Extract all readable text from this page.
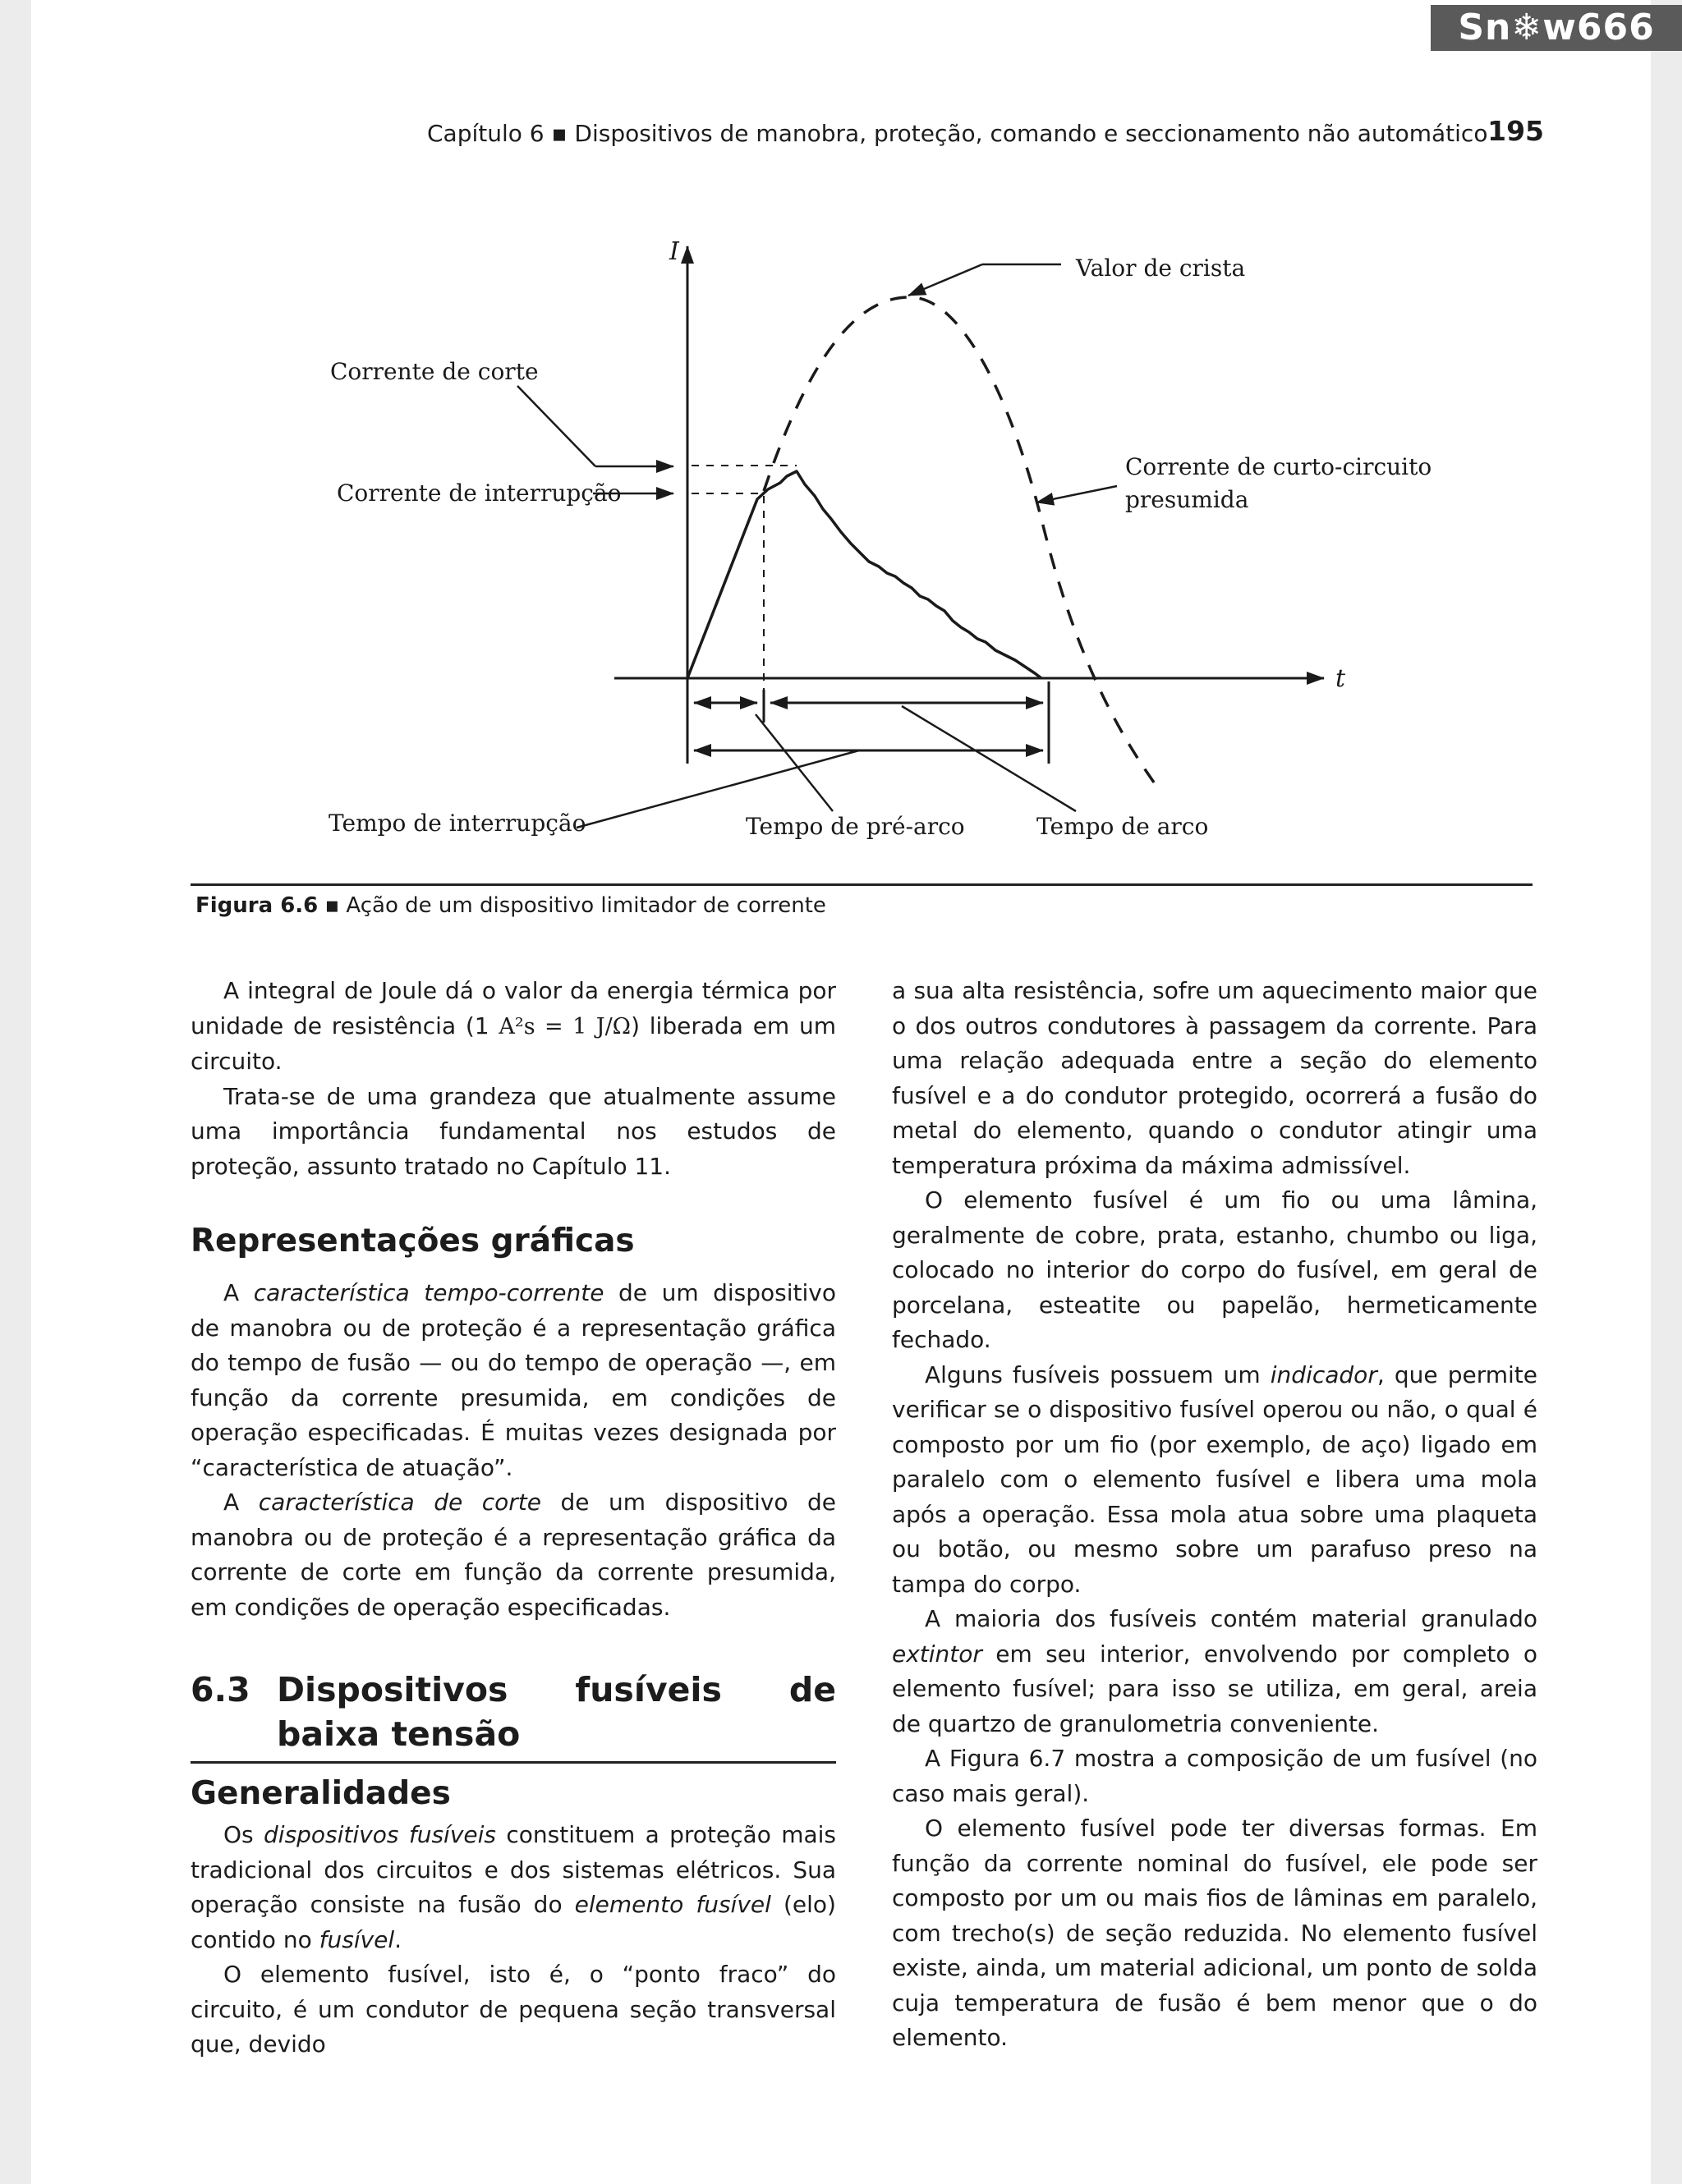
Sn❄w666
Capítulo 6 ▪ Dispositivos de manobra, proteção, comando e seccionamento não automático 195
I
t
Valor de crista
Corrente de corte
Corrente de interrupção
Corrente de curto-circuito
presumida
Tempo de interrupção	Tempo de pré-arco	Tempo de arco
Figura 6.6 ▪ Ação de um dispositivo limitador de corrente

A integral de Joule dá o valor da energia térmica por unidade de resistência (1 A²s = 1 J/Ω) liberada em um circuito.

Trata-se de uma grandeza que atualmente assume uma importância fundamental nos estudos de proteção, assunto tratado no Capítulo 11.

Representações gráficas

A característica tempo-corrente de um dispositivo de manobra ou de proteção é a representação gráfica do tempo de fusão — ou do tempo de operação —, em função da corrente presumida, em condições de operação especificadas. É muitas vezes designada por “característica de atuação”.

A característica de corte de um dispositivo de manobra ou de proteção é a representação gráfica da corrente de corte em função da corrente presumida, em condições de operação especificadas.

6.3 Dispositivos fusíveis de baixa tensão
Generalidades

Os dispositivos fusíveis constituem a proteção mais tradicional dos circuitos e dos sistemas elétricos. Sua operação consiste na fusão do elemento fusível (elo) contido no fusível.

O elemento fusível, isto é, o “ponto fraco” do circuito, é um condutor de pequena seção transversal que, devido

a sua alta resistência, sofre um aquecimento maior que o dos outros condutores à passagem da corrente. Para uma relação adequada entre a seção do elemento fusível e a do condutor protegido, ocorrerá a fusão do metal do elemento, quando o condutor atingir uma temperatura próxima da máxima admissível.

O elemento fusível é um fio ou uma lâmina, geralmente de cobre, prata, estanho, chumbo ou liga, colocado no interior do corpo do fusível, em geral de porcelana, esteatite ou papelão, hermeticamente fechado.

Alguns fusíveis possuem um indicador, que permite verificar se o dispositivo fusível operou ou não, o qual é composto por um fio (por exemplo, de aço) ligado em paralelo com o elemento fusível e libera uma mola após a operação. Essa mola atua sobre uma plaqueta ou botão, ou mesmo sobre um parafuso preso na tampa do corpo.

A maioria dos fusíveis contém material granulado extintor em seu interior, envolvendo por completo o elemento fusível; para isso se utiliza, em geral, areia de quartzo de granulometria conveniente.

A Figura 6.7 mostra a composição de um fusível (no caso mais geral).

O elemento fusível pode ter diversas formas. Em função da corrente nominal do fusível, ele pode ser composto por um ou mais fios de lâminas em paralelo, com trecho(s) de seção reduzida. No elemento fusível existe, ainda, um material adicional, um ponto de solda cuja temperatura de fusão é bem menor que o do elemento.
